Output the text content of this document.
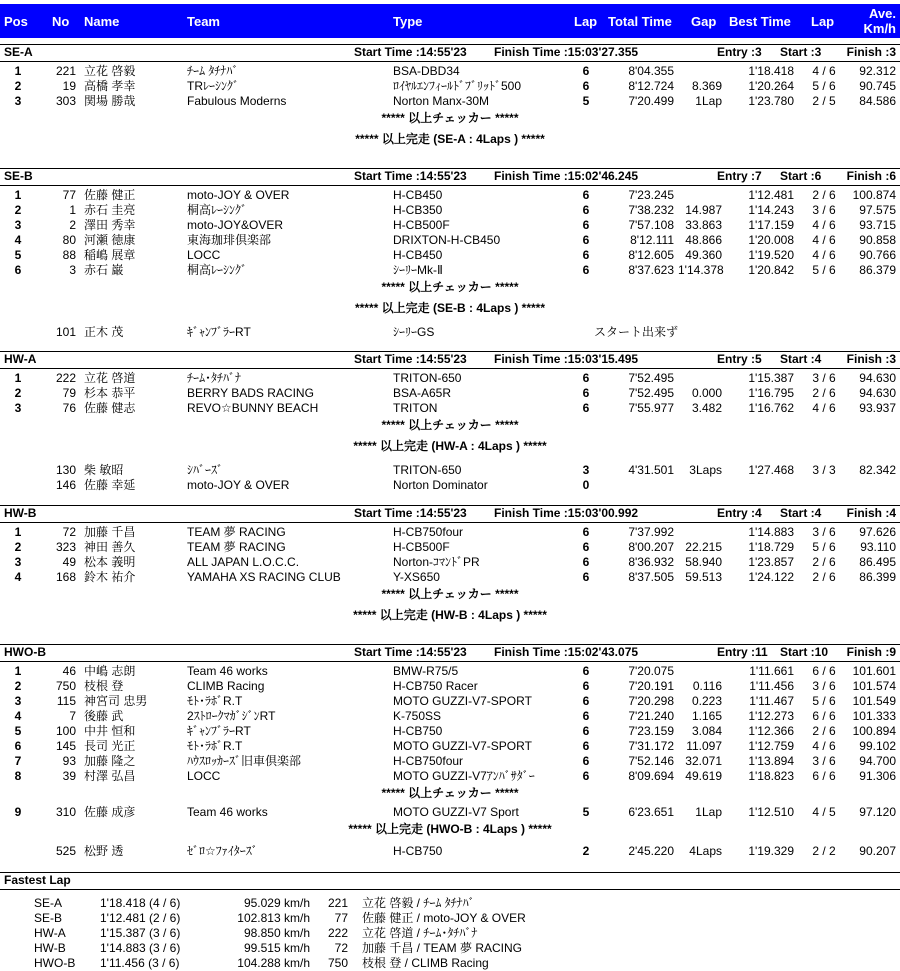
Pos No Name	Team	Type	Lap Total Time Gap Best Time Lap
Ave.
Km/h
SE-A	Start Time :14:55'23 Finish Time :15:03'27.355	Entry :3 Start :3 Finish :3
1	221 立花 啓毅	ﾁｰﾑ ﾀﾁﾅﾊﾞ	BSA-DBD34	6	8'04.355	1'18.418	4 / 6	92.312
2	19 高橋 孝幸	TRﾚｰｼﾝｸﾞ	ﾛｲﾔﾙｴﾝﾌｨｰﾙﾄﾞﾌﾞﾘｯﾄﾞ500	6	8'12.724	8.369	1'20.264	5 / 6	90.745
3	303 関場 勝哉	Fabulous Moderns	Norton Manx-30M	5	7'20.499	1Lap	1'23.780	2 / 5	84.586
***** 以上チェッカー *****
***** 以上完走 (SE-A : 4Laps ) *****
SE-B	Start Time :14:55'23 Finish Time :15:02'46.245	Entry :7 Start :6 Finish :6
1	77 佐藤 健正	moto-JOY & OVER	H-CB450	6	7'23.245	1'12.481	2 / 6	100.874
2	1 赤石 圭亮	桐高ﾚｰｼﾝｸﾞ	H-CB350	6	7'38.232 14.987	1'14.243	3 / 6	97.575
3	2 澤田 秀幸	moto-JOY&OVER	H-CB500F	6	7'57.108 33.863	1'17.159	4 / 6	93.715
4	80 河瀬 徳康	東海珈琲倶楽部	DRIXTON-H-CB450	6	8'12.111 48.866	1'20.008	4 / 6	90.858
5	88 稲嶋 展章	LOCC	H-CB450	6	8'12.605 49.360	1'19.520	4 / 6	90.766
6	3 赤石 巌	桐高ﾚｰｼﾝｸﾞ	ｼｰﾘｰMk-Ⅱ	6	8'37.623 1'14.378	1'20.842	5 / 6	86.379
***** 以上チェッカー *****
***** 以上完走 (SE-B : 4Laps ) *****
101 正木 茂	ｷﾞｬﾝﾌﾞﾗｰRT	ｼｰﾘｰGS	スタート出来ず
HW-A	Start Time :14:55'23 Finish Time :15:03'15.495	Entry :5 Start :4 Finish :3
1	222 立花 啓道	ﾁｰﾑ･ﾀﾁﾊﾞﾅ	TRITON-650	6	7'52.495	1'15.387	3 / 6	94.630
2	79 杉本 恭平	BERRY BADS RACING	BSA-A65R	6	7'52.495	0.000	1'16.795	2 / 6	94.630
3	76 佐藤 健志	REVO☆BUNNY BEACH	TRITON	6	7'55.977	3.482	1'16.762	4 / 6	93.937
***** 以上チェッカー *****
***** 以上完走 (HW-A : 4Laps ) *****
130 柴 敏昭	ｼﾊﾞｰｽﾞ	TRITON-650	3	4'31.501	3Laps	1'27.468	3 / 3	82.342
146 佐藤 幸延	moto-JOY & OVER	Norton Dominator	0
HW-B	Start Time :14:55'23 Finish Time :15:03'00.992	Entry :4 Start :4 Finish :4
1	72 加藤 千昌	TEAM 夢 RACING	H-CB750four	6	7'37.992	1'14.883	3 / 6	97.626
2	323 神田 善久	TEAM 夢 RACING	H-CB500F	6	8'00.207 22.215	1'18.729	5 / 6	93.110
3	49 松本 義明	ALL JAPAN L.O.C.C.	Norton-ｺﾏﾝﾄﾞPR	6	8'36.932 58.940	1'23.857	2 / 6	86.495
4	168 鈴木 祐介	YAMAHA XS RACING CLUB	Y-XS650	6	8'37.505 59.513	1'24.122	2 / 6	86.399
***** 以上チェッカー *****
***** 以上完走 (HW-B : 4Laps ) *****
HWO-B	Start Time :14:55'23 Finish Time :15:02'43.075	Entry :11 Start :10 Finish :9
1	46 中嶋 志朗	Team 46 works	BMW-R75/5	6	7'20.075	1'11.661	6 / 6	101.601
2	750 枝根 登	CLIMB Racing	H-CB750 Racer	6	7'20.191	0.116	1'11.456	3 / 6	101.574
3	115 神宮司 忠男	ﾓﾄ･ﾗﾎﾞR.T	MOTO GUZZI-V7-SPORT	6	7'20.298	0.223	1'11.467	5 / 6	101.549
4	7 後藤 武	2ｽﾄﾛｰｸﾏｶﾞｼﾞﾝRT	K-750SS	6	7'21.240	1.165	1'12.273	6 / 6	101.333
5	100 中井 恒和	ｷﾞｬﾝﾌﾞﾗｰRT	H-CB750	6	7'23.159	3.084	1'12.366	2 / 6	100.894
6	145 長司 光正	ﾓﾄ･ﾗﾎﾞR.T	MOTO GUZZI-V7-SPORT	6	7'31.172	11.097	1'12.759	4 / 6	99.102
7	93 加藤 隆之	ﾊｳｽﾛｯｶｰｽﾞ旧車倶楽部	H-CB750four	6	7'52.146 32.071	1'13.894	3 / 6	94.700
8	39 村澤 弘昌	LOCC	MOTO GUZZI-V7ｱﾝﾊﾞｻﾀﾞｰ	6	8'09.694 49.619	1'18.823	6 / 6	91.306
***** 以上チェッカー *****
9	310 佐藤 成彦	Team 46 works	MOTO GUZZI-V7 Sport	5	6'23.651	1Lap	1'12.510	4 / 5	97.120
***** 以上完走 (HWO-B : 4Laps ) *****
525 松野 透	ｾﾞﾛ☆ﾌｧｲﾀｰｽﾞ	H-CB750	2	2'45.220	4Laps	1'19.329	2 / 2	90.207
Fastest Lap
SE-A	1'18.418 (4 / 6)	95.029 km/h	221 立花 啓毅 / ﾁｰﾑ ﾀﾁﾅﾊﾞ
SE-B	1'12.481 (2 / 6)	102.813 km/h	77 佐藤 健正 / moto-JOY & OVER
HW-A	1'15.387 (3 / 6)	98.850 km/h	222 立花 啓道 / ﾁｰﾑ･ﾀﾁﾊﾞﾅ
HW-B	1'14.883 (3 / 6)	99.515 km/h	72 加藤 千昌 / TEAM 夢 RACING
HWO-B	1'11.456 (3 / 6)	104.288 km/h	750 枝根 登 / CLIMB Racing
